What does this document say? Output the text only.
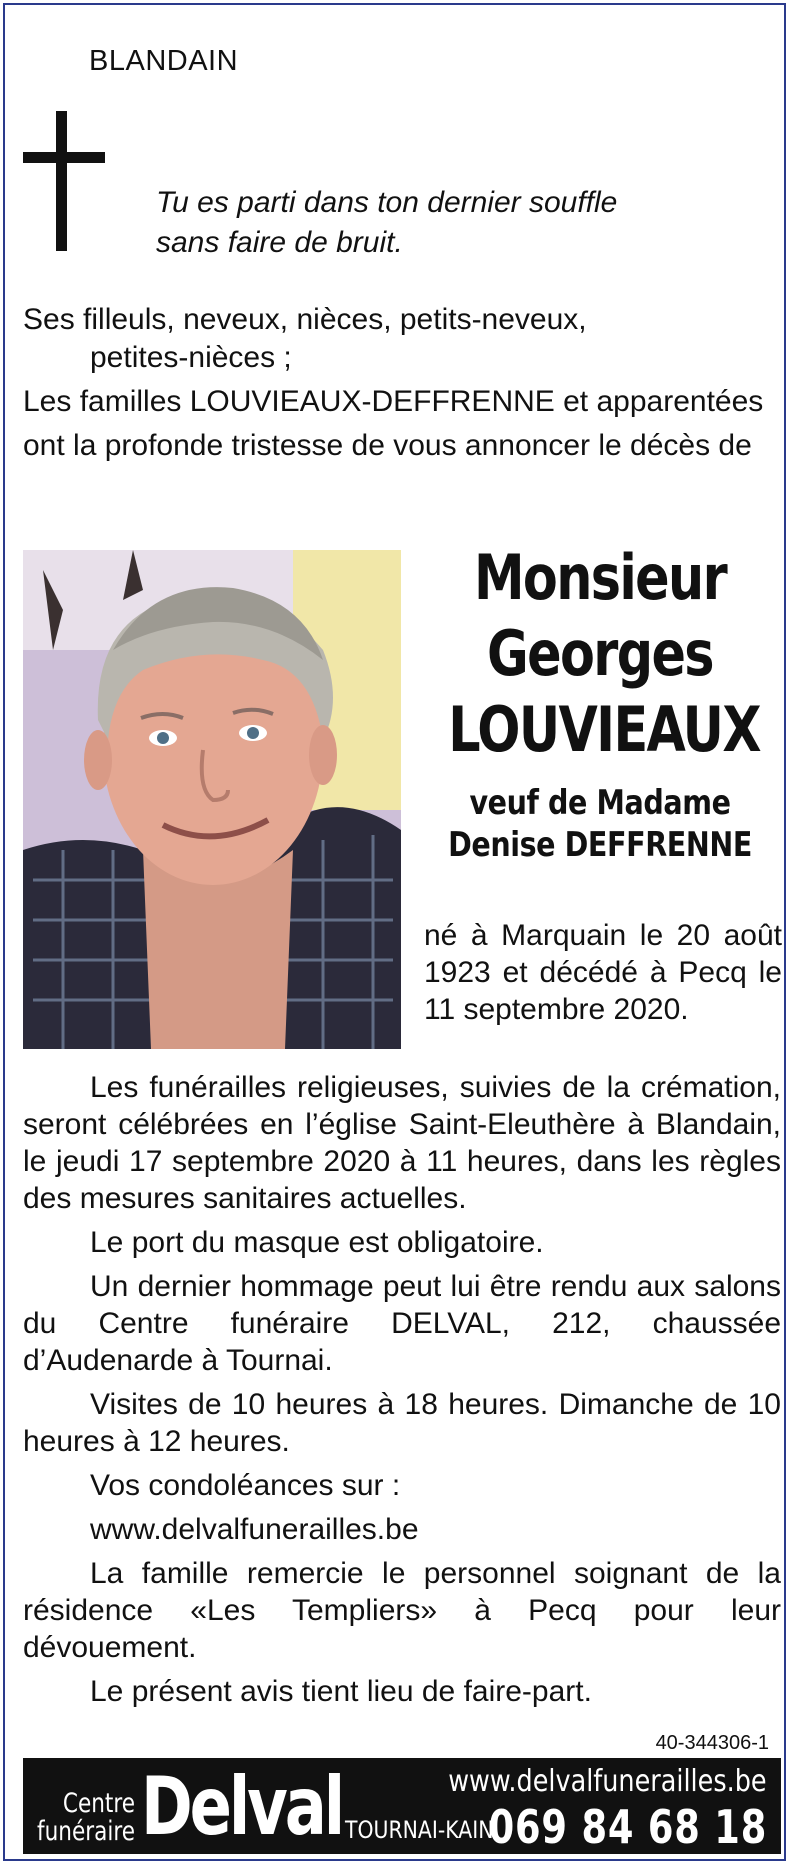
BLANDAIN
Tu es parti dans ton dernier souffle
sans faire de bruit.

Ses filleuls, neveux, nièces, petits-neveux,
petites-nièces ;

Les familles LOUVIEAUX-DEFFRENNE et apparentées

ont la profonde tristesse de vous annoncer le décès de

Monsieur
Georges
LOUVIEAUX
veuf de Madame
Denise DEFFRENNE
né à Marquain le 20 août 1923 et décédé à Pecq le 11 septembre 2020.

Les funérailles religieuses, suivies de la crémation, seront célébrées en l’église Saint-Eleuthère à Blandain, le jeudi 17 septembre 2020 à 11 heures, dans les règles des mesures sanitaires actuelles.

Le port du masque est obligatoire.

Un dernier hommage peut lui être rendu aux salons du Centre funéraire DELVAL, 212, chaussée d’Audenarde à Tournai.

Visites de 10 heures à 18 heures. Dimanche de 10 heures à 12 heures.

Vos condoléances sur :

www.delvalfunerailles.be

La famille remercie le personnel soignant de la résidence «Les Templiers» à Pecq pour leur dévouement.

Le présent avis tient lieu de faire-part.

40-344306-1
Centre
funéraire Delval	www.delvalfunerailles.be
TOURNAI-KAIN
069 84 68 18
